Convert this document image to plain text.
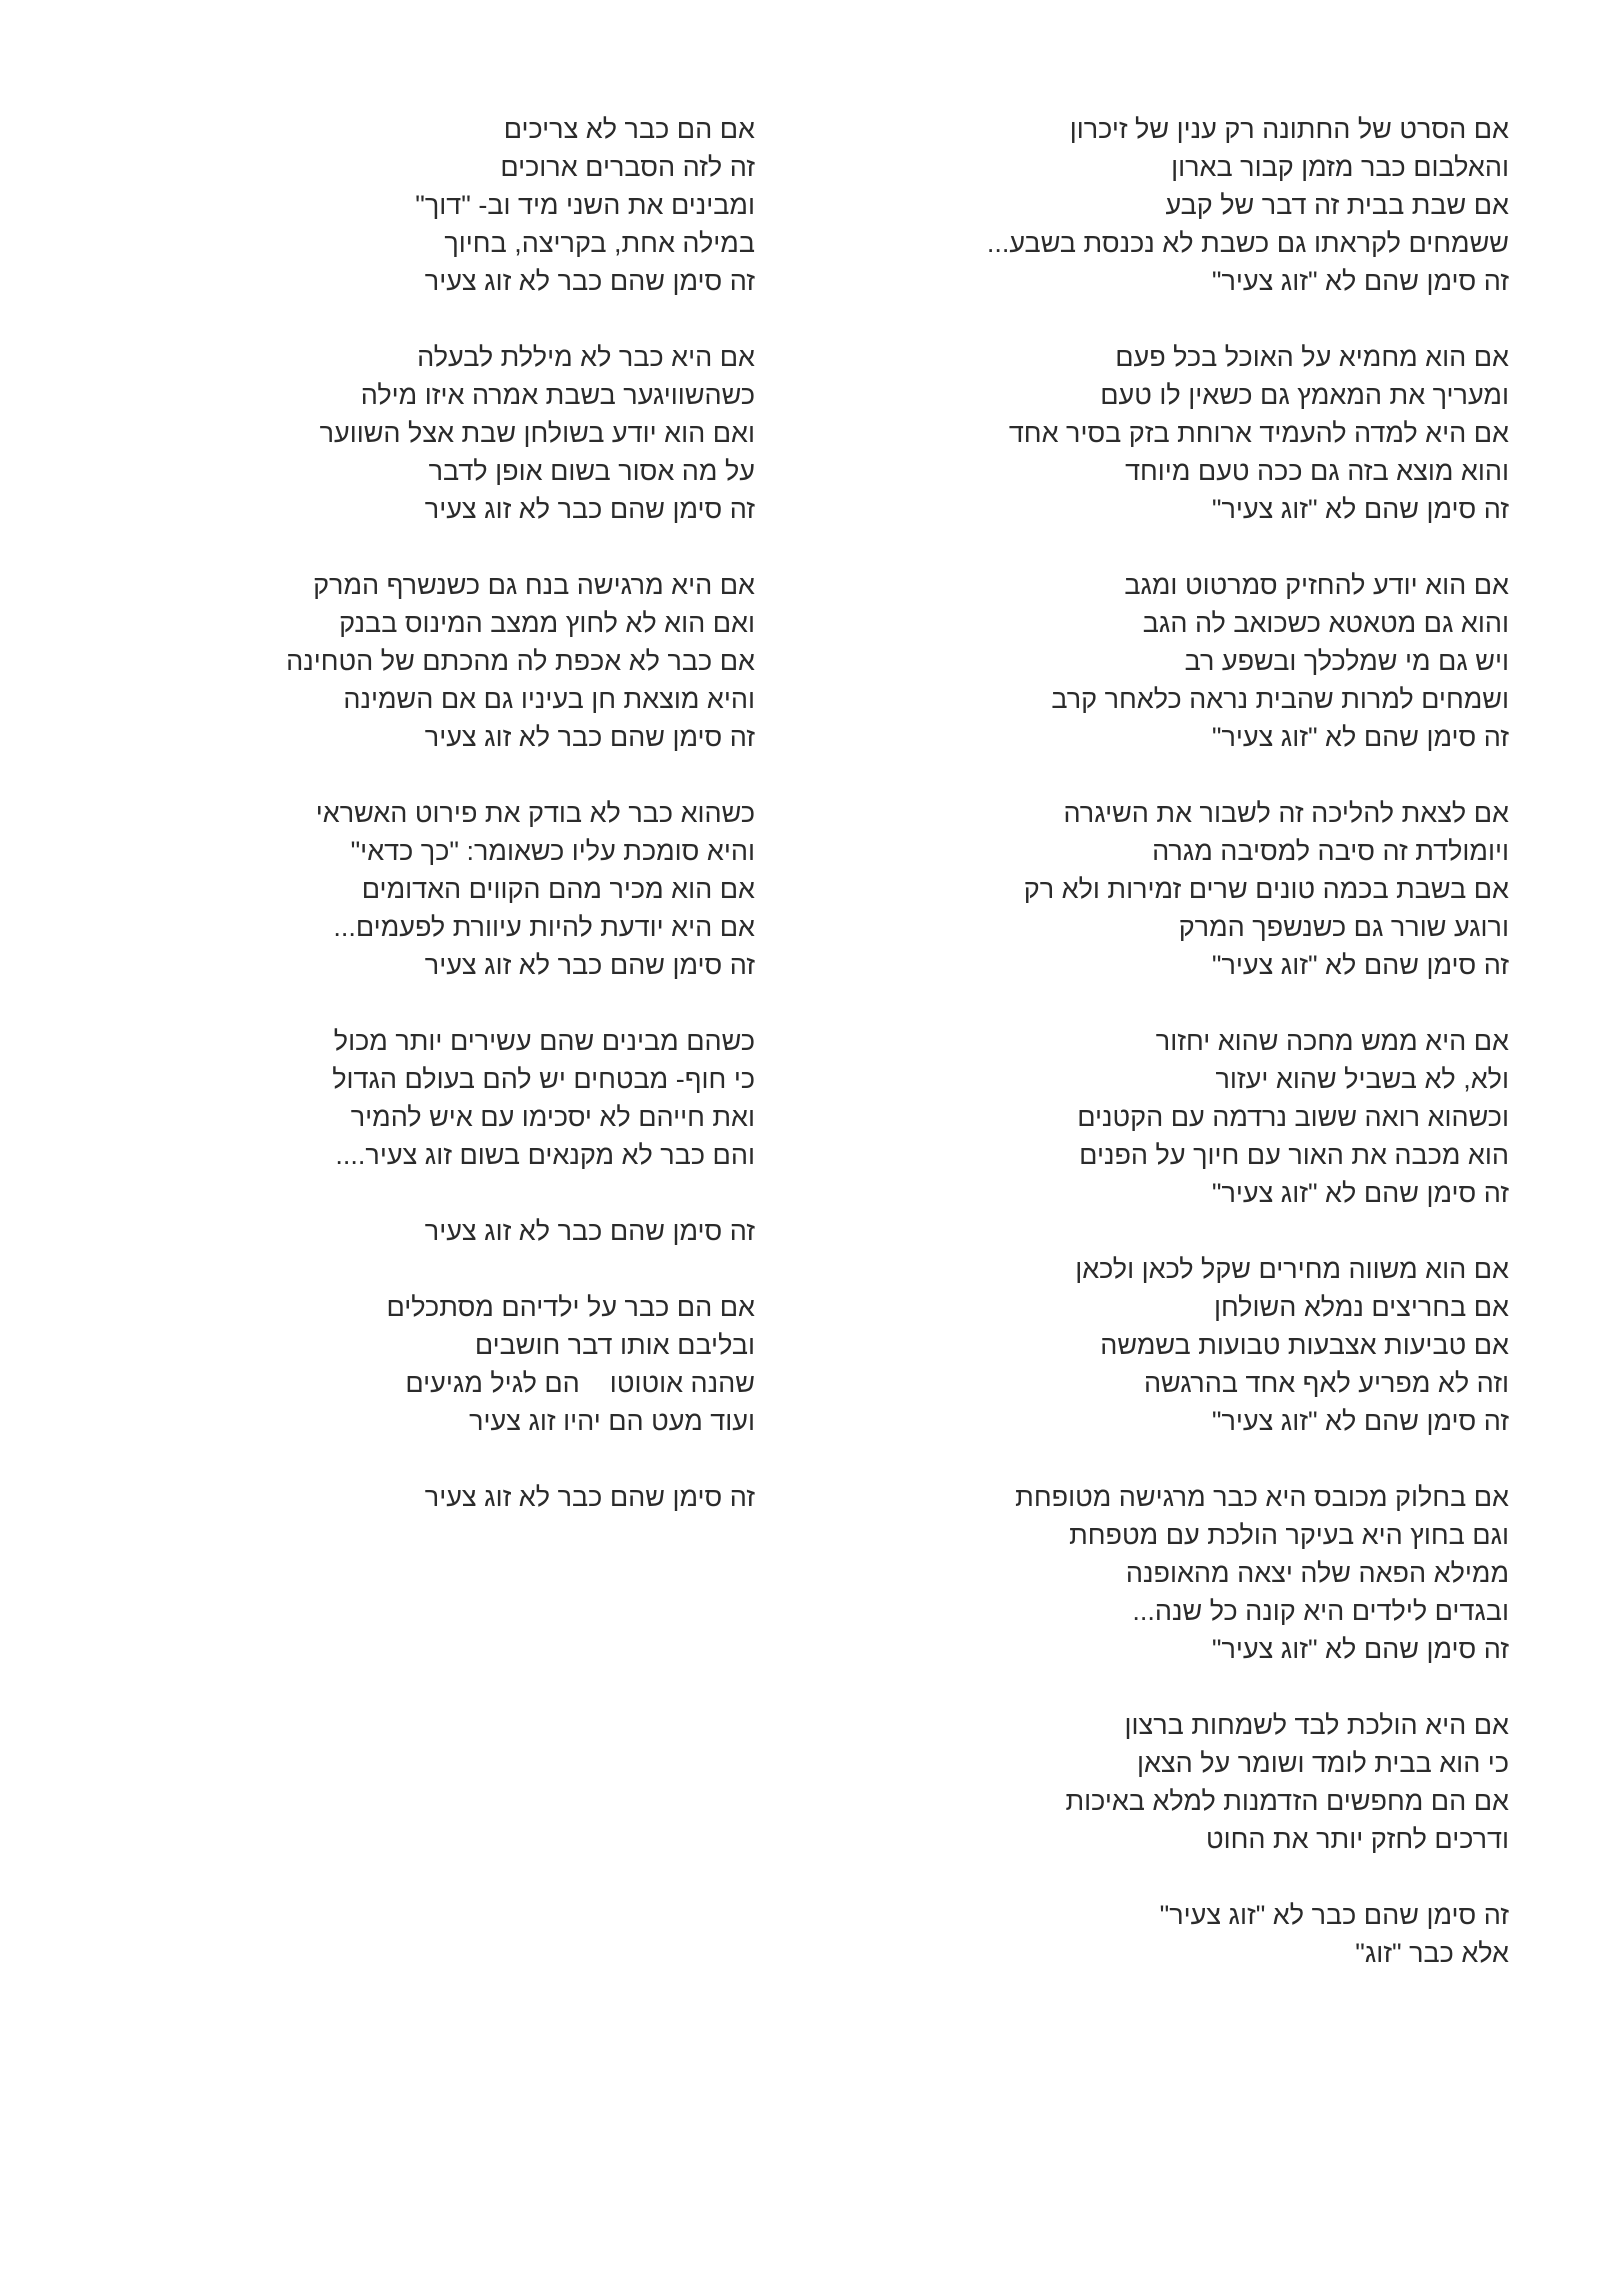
אם הסרט של החתונה רק ענין של זיכרון
והאלבום כבר מזמן קבור בארון
אם שבת בבית זה דבר של קבע
ששמחים לקראתו גם כשבת לא נכנסת בשבע...
זה סימן שהם לא "זוג צעיר"
אם הוא מחמיא על האוכל בכל פעם
ומעריך את המאמץ גם כשאין לו טעם
אם היא למדה להעמיד ארוחת בזק בסיר אחד
והוא מוצא בזה גם ככה טעם מיוחד
זה סימן שהם לא "זוג צעיר"
אם הוא יודע להחזיק סמרטוט ומגב
והוא גם מטאטא כשכואב לה הגב
ויש גם מי שמלכלך ובשפע רב
ושמחים למרות שהבית נראה כלאחר קרב
זה סימן שהם לא "זוג צעיר"
אם לצאת להליכה זה לשבור את השיגרה
ויומולדת זה סיבה למסיבה מגרה
אם בשבת בכמה טונים שרים זמירות ולא רק
ורוגע שורר גם כשנשפך המרק
זה סימן שהם לא "זוג צעיר"
אם היא ממש מחכה שהוא יחזור
ולא, לא בשביל שהוא יעזור
וכשהוא רואה ששוב נרדמה עם הקטנים
הוא מכבה את האור עם חיוך על הפנים
זה סימן שהם לא "זוג צעיר"
אם הוא משווה מחירים שקל לכאן ולכאן
אם בחריצים נמלא השולחן
אם טביעות אצבעות טבועות בשמשה
וזה לא מפריע לאף אחד בהרגשה
זה סימן שהם לא "זוג צעיר"
אם בחלוק מכובס היא כבר מרגישה מטופחת
וגם בחוץ היא בעיקר הולכת עם מטפחת
ממילא הפאה שלה יצאה מהאופנה
ובגדים לילדים היא קונה כל שנה...
זה סימן שהם לא "זוג צעיר"
אם היא הולכת לבד לשמחות ברצון
כי הוא בבית לומד ושומר על הצאן
אם הם מחפשים הזדמנות למלא באיכות
ודרכים לחזק יותר את החוט
זה סימן שהם כבר לא "זוג צעיר"
אלא כבר "זוג"
אם הם כבר לא צריכים
זה לזה הסברים ארוכים
ומבינים את השני מיד וב- "דוך"
במילה אחת, בקריצה, בחיוך
זה סימן שהם כבר לא זוג צעיר
אם היא כבר לא מיללת לבעלה
כשהשוויגער בשבת אמרה איזו מילה
ואם הוא יודע בשולחן שבת אצל השווער
על מה אסור בשום אופן לדבר
זה סימן שהם כבר לא זוג צעיר
אם היא מרגישה בנח גם כשנשרף המרק
ואם הוא לא לחוץ ממצב המינוס בבנק
אם כבר לא אכפת לה מהכתם של הטחינה
והיא מוצאת חן בעיניו גם אם השמינה
זה סימן שהם כבר לא זוג צעיר
כשהוא כבר לא בודק את פירוט האשראי
והיא סומכת עליו כשאומר: "כך כדאי"
אם הוא מכיר מהם הקווים האדומים
אם היא יודעת להיות עיוורת לפעמים...
זה סימן שהם כבר לא זוג צעיר
כשהם מבינים שהם עשירים יותר מכול
כי חוף- מבטחים יש להם בעולם הגדול
ואת חייהם לא יסכימו עם איש להמיר
והם כבר לא מקנאים בשום זוג צעיר....
זה סימן שהם כבר לא זוג צעיר
אם הם כבר על ילדיהם מסתכלים
ובליבם אותו דבר חושבים
שהנה אוטוטו    הם לגיל מגיעים
ועוד מעט הם יהיו זוג צעיר
זה סימן שהם כבר לא זוג צעיר
